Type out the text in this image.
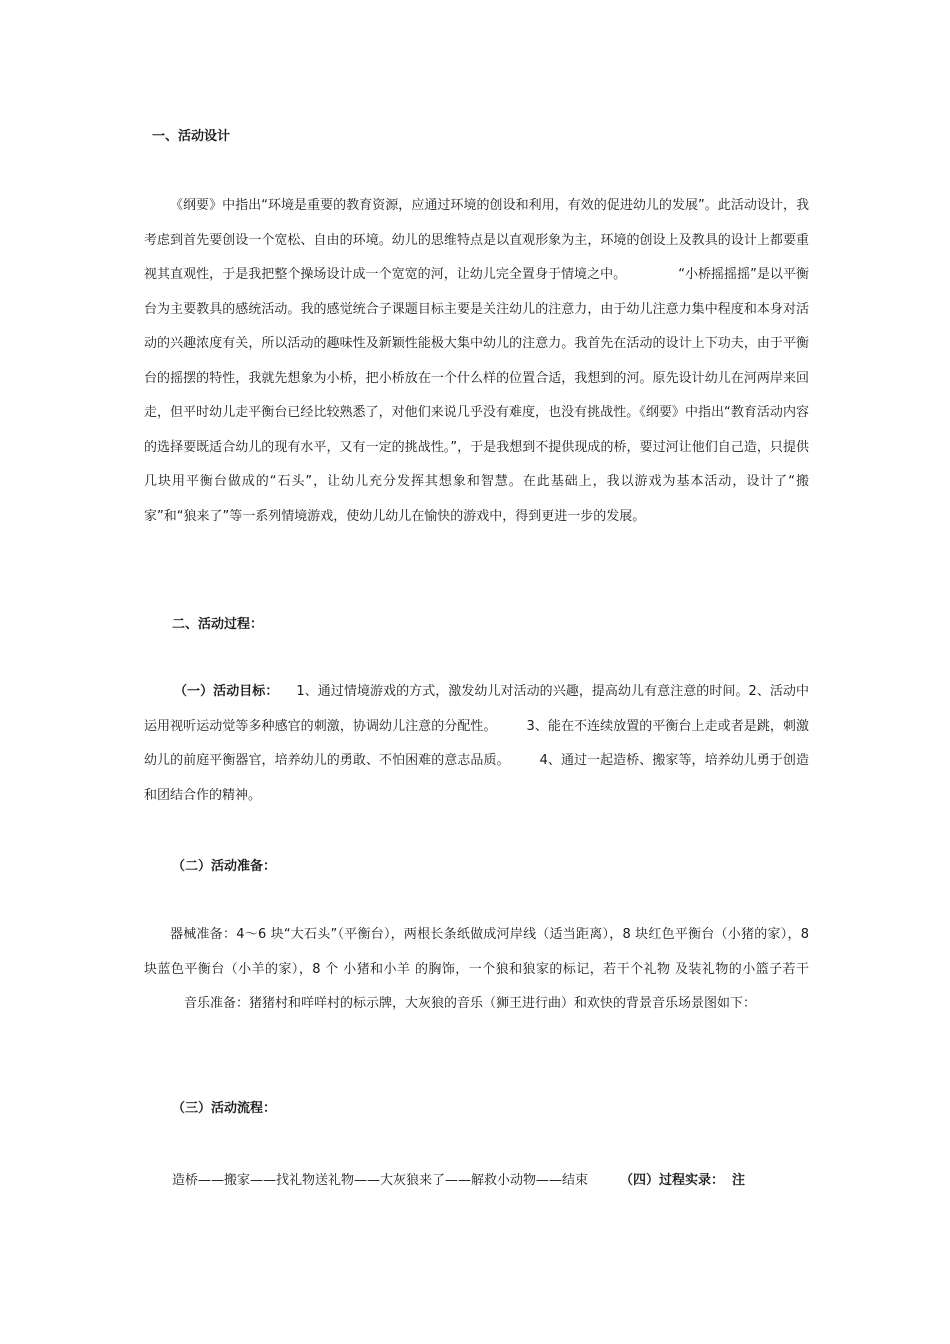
一、活动设计
《纲要》中指出“环境是重要的教育资源，应通过环境的创设和利用，有效的促进幼儿的发展”。此活动设计，我考虑到首先要创设一个宽松、自由的环境。幼儿的思维特点是以直观形象为主，环境的创设上及教具的设计上都要重视其直观性，于是我把整个操场设计成一个宽宽的河，让幼儿完全置身于情境之中。	“小桥摇摇摇”是以平衡台为主要教具的感统活动。我的感觉统合子课题目标主要是关注幼儿的注意力，由于幼儿注意力集中程度和本身对活动的兴趣浓度有关，所以活动的趣味性及新颖性能极大集中幼儿的注意力。我首先在活动的设计上下功夫，由于平衡台的摇摆的特性，我就先想象为小桥，把小桥放在一个什么样的位置合适，我想到的河。原先设计幼儿在河两岸来回走，但平时幼儿走平衡台已经比较熟悉了，对他们来说几乎没有难度，也没有挑战性。《纲要》中指出“教育活动内容的选择要既适合幼儿的现有水平，又有一定的挑战性。”，于是我想到不提供现成的桥，要过河让他们自己造，只提供几块用平衡台做成的“石头”，让幼儿充分发挥其想象和智慧。在此基础上，我以游戏为基本活动，设计了“搬家”和“狼来了”等一系列情境游戏，使幼儿幼儿在愉快的游戏中，得到更进一步的发展。
二、活动过程：
（一）活动目标： 1、通过情境游戏的方式，激发幼儿对活动的兴趣，提高幼儿有意注意的时间。2、活动中运用视听运动觉等多种感官的刺激，协调幼儿注意的分配性。 3、能在不连续放置的平衡台上走或者是跳，刺激幼儿的前庭平衡器官，培养幼儿的勇敢、不怕困难的意志品质。 4、通过一起造桥、搬家等，培养幼儿勇于创造和团结合作的精神。
（二）活动准备：
器械准备：4～6 块“大石头”（平衡台），两根长条纸做成河岸线（适当距离），8 块红色平衡台（小猪的家），8 块蓝色平衡台（小羊的家），8 个 小猪和小羊 的胸饰，一个狼和狼家的标记，若干个礼物 及装礼物的小篮子若干音乐准备：猪猪村和咩咩村的标示牌，大灰狼的音乐（狮王进行曲）和欢快的背景音乐场景图如下：
（三）活动流程：
造桥——搬家——找礼物送礼物——大灰狼来了——解救小动物——结束 （四）过程实录： 注
